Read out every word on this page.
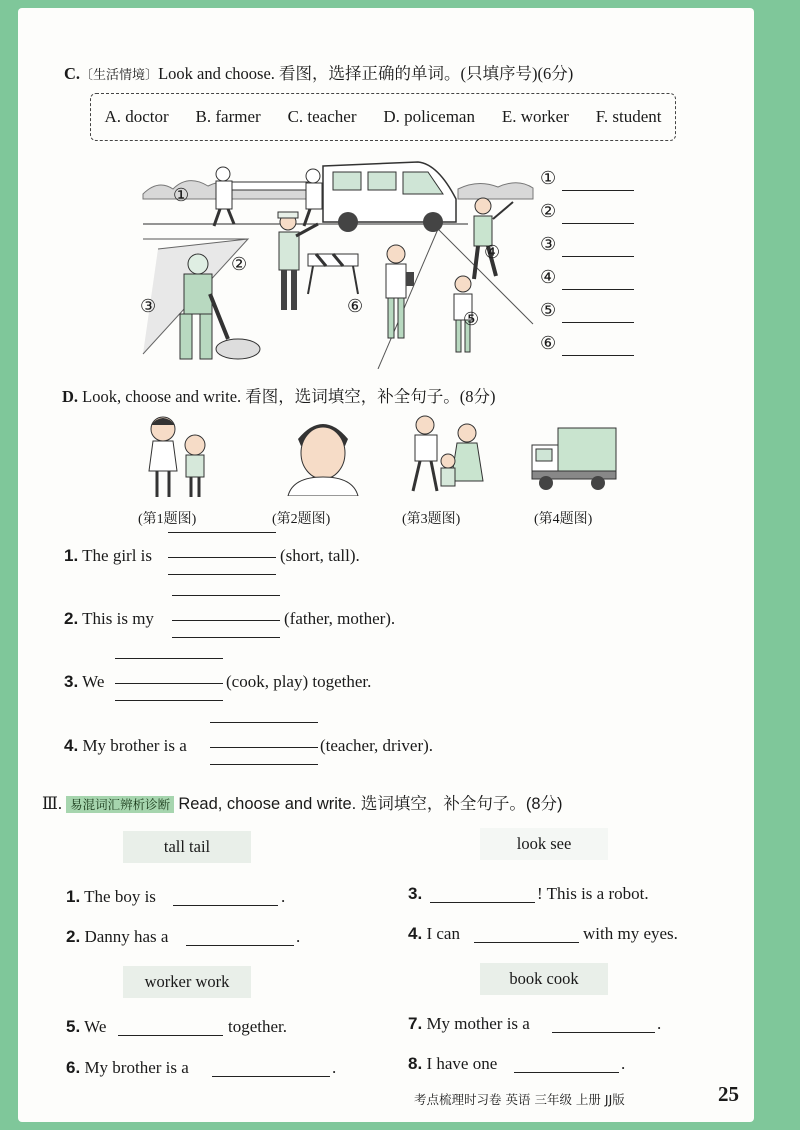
C.〔生活情境〕Look and choose. 看图，选择正确的单词。(只填序号)(6分)
A. doctor B. farmer C. teacher D. policeman E. worker F. student
①
②
③
④
⑤
⑥
①
②
③
④
⑤
⑥
D. Look, choose and write. 看图，选词填空，补全句子。(8分)
(第1题图)	(第2题图)	(第3题图)	(第4题图)
1. The girl is	(short, tall).
2. This is my	(father, mother).
3. We	(cook, play) together.
4. My brother is a	(teacher, driver).
Ⅲ. 易混词汇辨析诊断 Read, choose and write. 选词填空，补全句子。(8分)
tall tail	look see
worker work	book cook
1. The boy is	.
2. Danny has a	.
5. We	together.
6. My brother is a	.
3.	! This is a robot.
4. I can	with my eyes.
7. My mother is a	.
8. I have one	.
考点梳理时习卷 英语 三年级 上册 JJ版	25
